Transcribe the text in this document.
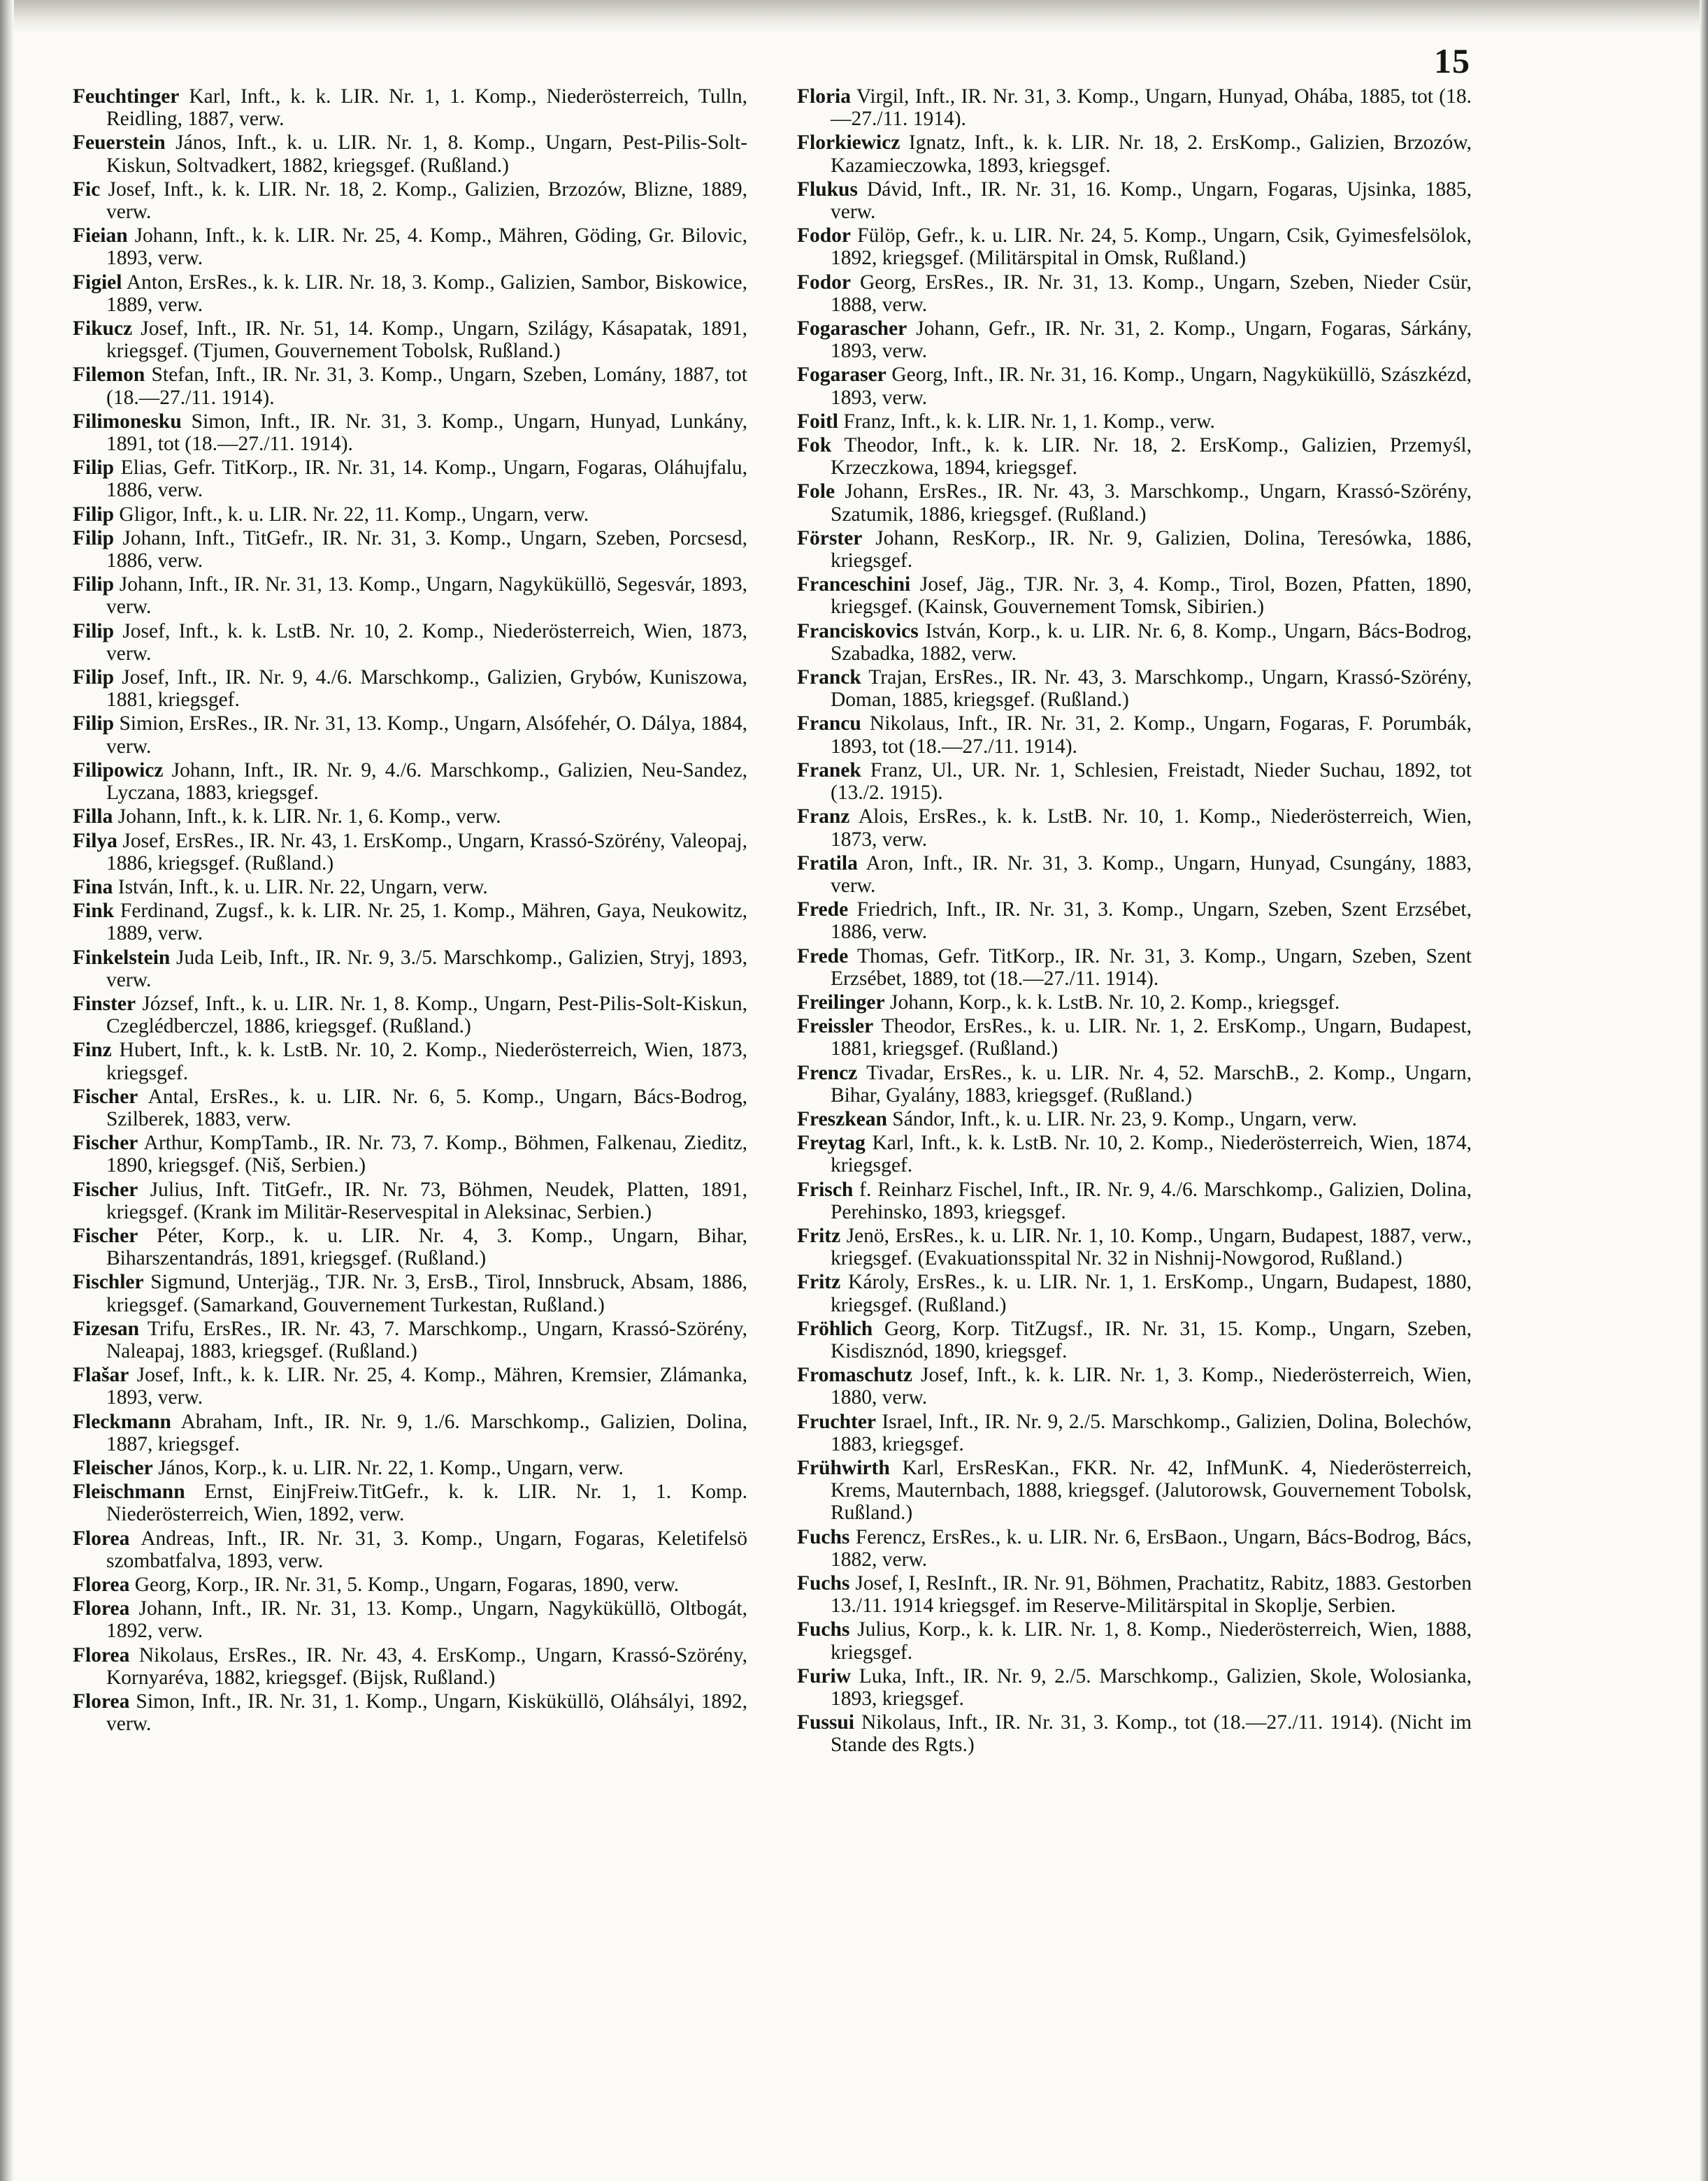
15

Feuchtinger Karl, Inft., k. k. LIR. Nr. 1, 1. Komp., Niederösterreich, Tulln, Reidling, 1887, verw.

Feuerstein János, Inft., k. u. LIR. Nr. 1, 8. Komp., Ungarn, Pest-Pilis-Solt-Kiskun, Soltvadkert, 1882, kriegsgef. (Rußland.)

Fic Josef, Inft., k. k. LIR. Nr. 18, 2. Komp., Galizien, Brzozów, Blizne, 1889, verw.

Fieian Johann, Inft., k. k. LIR. Nr. 25, 4. Komp., Mähren, Göding, Gr. Bilovic, 1893, verw.

Figiel Anton, ErsRes., k. k. LIR. Nr. 18, 3. Komp., Galizien, Sambor, Biskowice, 1889, verw.

Fikucz Josef, Inft., IR. Nr. 51, 14. Komp., Ungarn, Szilágy, Kásapatak, 1891, kriegsgef. (Tjumen, Gouvernement Tobolsk, Rußland.)

Filemon Stefan, Inft., IR. Nr. 31, 3. Komp., Ungarn, Szeben, Lomány, 1887, tot (18.—27./11. 1914).

Filimonesku Simon, Inft., IR. Nr. 31, 3. Komp., Ungarn, Hunyad, Lunkány, 1891, tot (18.—27./11. 1914).

Filip Elias, Gefr. TitKorp., IR. Nr. 31, 14. Komp., Ungarn, Fogaras, Oláhujfalu, 1886, verw.

Filip Gligor, Inft., k. u. LIR. Nr. 22, 11. Komp., Ungarn, verw.

Filip Johann, Inft., TitGefr., IR. Nr. 31, 3. Komp., Ungarn, Szeben, Porcsesd, 1886, verw.

Filip Johann, Inft., IR. Nr. 31, 13. Komp., Ungarn, Nagyküküllö, Segesvár, 1893, verw.

Filip Josef, Inft., k. k. LstB. Nr. 10, 2. Komp., Niederösterreich, Wien, 1873, verw.

Filip Josef, Inft., IR. Nr. 9, 4./6. Marschkomp., Galizien, Grybów, Kuniszowa, 1881, kriegsgef.

Filip Simion, ErsRes., IR. Nr. 31, 13. Komp., Ungarn, Alsófehér, O. Dálya, 1884, verw.

Filipowicz Johann, Inft., IR. Nr. 9, 4./6. Marschkomp., Galizien, Neu-Sandez, Lyczana, 1883, kriegsgef.

Filla Johann, Inft., k. k. LIR. Nr. 1, 6. Komp., verw.

Filya Josef, ErsRes., IR. Nr. 43, 1. ErsKomp., Ungarn, Krassó-Szörény, Valeopaj, 1886, kriegsgef. (Rußland.)

Fina István, Inft., k. u. LIR. Nr. 22, Ungarn, verw.

Fink Ferdinand, Zugsf., k. k. LIR. Nr. 25, 1. Komp., Mähren, Gaya, Neukowitz, 1889, verw.

Finkelstein Juda Leib, Inft., IR. Nr. 9, 3./5. Marschkomp., Galizien, Stryj, 1893, verw.

Finster József, Inft., k. u. LIR. Nr. 1, 8. Komp., Ungarn, Pest-Pilis-Solt-Kiskun, Czeglédberczel, 1886, kriegsgef. (Rußland.)

Finz Hubert, Inft., k. k. LstB. Nr. 10, 2. Komp., Niederösterreich, Wien, 1873, kriegsgef.

Fischer Antal, ErsRes., k. u. LIR. Nr. 6, 5. Komp., Ungarn, Bács-Bodrog, Szilberek, 1883, verw.

Fischer Arthur, KompTamb., IR. Nr. 73, 7. Komp., Böhmen, Falkenau, Zieditz, 1890, kriegsgef. (Niš, Serbien.)

Fischer Julius, Inft. TitGefr., IR. Nr. 73, Böhmen, Neudek, Platten, 1891, kriegsgef. (Krank im Militär-Reservespital in Aleksinac, Serbien.)

Fischer Péter, Korp., k. u. LIR. Nr. 4, 3. Komp., Ungarn, Bihar, Biharszentandrás, 1891, kriegsgef. (Rußland.)

Fischler Sigmund, Unterjäg., TJR. Nr. 3, ErsB., Tirol, Innsbruck, Absam, 1886, kriegsgef. (Samarkand, Gouvernement Turkestan, Rußland.)

Fizesan Trifu, ErsRes., IR. Nr. 43, 7. Marschkomp., Ungarn, Krassó-Szörény, Naleapaj, 1883, kriegsgef. (Rußland.)

Flašar Josef, Inft., k. k. LIR. Nr. 25, 4. Komp., Mähren, Kremsier, Zlámanka, 1893, verw.

Fleckmann Abraham, Inft., IR. Nr. 9, 1./6. Marschkomp., Galizien, Dolina, 1887, kriegsgef.

Fleischer János, Korp., k. u. LIR. Nr. 22, 1. Komp., Ungarn, verw.

Fleischmann Ernst, EinjFreiw.TitGefr., k. k. LIR. Nr. 1, 1. Komp. Niederösterreich, Wien, 1892, verw.

Florea Andreas, Inft., IR. Nr. 31, 3. Komp., Ungarn, Fogaras, Keletifelsö szombatfalva, 1893, verw.

Florea Georg, Korp., IR. Nr. 31, 5. Komp., Ungarn, Fogaras, 1890, verw.

Florea Johann, Inft., IR. Nr. 31, 13. Komp., Ungarn, Nagyküküllö, Oltbogát, 1892, verw.

Florea Nikolaus, ErsRes., IR. Nr. 43, 4. ErsKomp., Ungarn, Krassó-Szörény, Kornyaréva, 1882, kriegsgef. (Bijsk, Rußland.)

Florea Simon, Inft., IR. Nr. 31, 1. Komp., Ungarn, Kisküküllö, Oláhsályi, 1892, verw.

Floria Virgil, Inft., IR. Nr. 31, 3. Komp., Ungarn, Hunyad, Ohába, 1885, tot (18.—27./11. 1914).

Florkiewicz Ignatz, Inft., k. k. LIR. Nr. 18, 2. ErsKomp., Galizien, Brzozów, Kazamieczowka, 1893, kriegsgef.

Flukus Dávid, Inft., IR. Nr. 31, 16. Komp., Ungarn, Fogaras, Ujsinka, 1885, verw.

Fodor Fülöp, Gefr., k. u. LIR. Nr. 24, 5. Komp., Ungarn, Csik, Gyimesfelsölok, 1892, kriegsgef. (Militärspital in Omsk, Rußland.)

Fodor Georg, ErsRes., IR. Nr. 31, 13. Komp., Ungarn, Szeben, Nieder Csür, 1888, verw.

Fogarascher Johann, Gefr., IR. Nr. 31, 2. Komp., Ungarn, Fogaras, Sárkány, 1893, verw.

Fogaraser Georg, Inft., IR. Nr. 31, 16. Komp., Ungarn, Nagyküküllö, Szászkézd, 1893, verw.

Foitl Franz, Inft., k. k. LIR. Nr. 1, 1. Komp., verw.

Fok Theodor, Inft., k. k. LIR. Nr. 18, 2. ErsKomp., Galizien, Przemyśl, Krzeczkowa, 1894, kriegsgef.

Fole Johann, ErsRes., IR. Nr. 43, 3. Marschkomp., Ungarn, Krassó-Szörény, Szatumik, 1886, kriegsgef. (Rußland.)

Förster Johann, ResKorp., IR. Nr. 9, Galizien, Dolina, Teresówka, 1886, kriegsgef.

Franceschini Josef, Jäg., TJR. Nr. 3, 4. Komp., Tirol, Bozen, Pfatten, 1890, kriegsgef. (Kainsk, Gouvernement Tomsk, Sibirien.)

Franciskovics István, Korp., k. u. LIR. Nr. 6, 8. Komp., Ungarn, Bács-Bodrog, Szabadka, 1882, verw.

Franck Trajan, ErsRes., IR. Nr. 43, 3. Marschkomp., Ungarn, Krassó-Szörény, Doman, 1885, kriegsgef. (Rußland.)

Francu Nikolaus, Inft., IR. Nr. 31, 2. Komp., Ungarn, Fogaras, F. Porumbák, 1893, tot (18.—27./11. 1914).

Franek Franz, Ul., UR. Nr. 1, Schlesien, Freistadt, Nieder Suchau, 1892, tot (13./2. 1915).

Franz Alois, ErsRes., k. k. LstB. Nr. 10, 1. Komp., Niederösterreich, Wien, 1873, verw.

Fratila Aron, Inft., IR. Nr. 31, 3. Komp., Ungarn, Hunyad, Csungány, 1883, verw.

Frede Friedrich, Inft., IR. Nr. 31, 3. Komp., Ungarn, Szeben, Szent Erzsébet, 1886, verw.

Frede Thomas, Gefr. TitKorp., IR. Nr. 31, 3. Komp., Ungarn, Szeben, Szent Erzsébet, 1889, tot (18.—27./11. 1914).

Freilinger Johann, Korp., k. k. LstB. Nr. 10, 2. Komp., kriegsgef.

Freissler Theodor, ErsRes., k. u. LIR. Nr. 1, 2. ErsKomp., Ungarn, Budapest, 1881, kriegsgef. (Rußland.)

Frencz Tivadar, ErsRes., k. u. LIR. Nr. 4, 52. MarschB., 2. Komp., Ungarn, Bihar, Gyalány, 1883, kriegsgef. (Rußland.)

Freszkean Sándor, Inft., k. u. LIR. Nr. 23, 9. Komp., Ungarn, verw.

Freytag Karl, Inft., k. k. LstB. Nr. 10, 2. Komp., Niederösterreich, Wien, 1874, kriegsgef.

Frisch f. Reinharz Fischel, Inft., IR. Nr. 9, 4./6. Marschkomp., Galizien, Dolina, Perehinsko, 1893, kriegsgef.

Fritz Jenö, ErsRes., k. u. LIR. Nr. 1, 10. Komp., Ungarn, Budapest, 1887, verw., kriegsgef. (Evakuationsspital Nr. 32 in Nishnij-Nowgorod, Rußland.)

Fritz Károly, ErsRes., k. u. LIR. Nr. 1, 1. ErsKomp., Ungarn, Budapest, 1880, kriegsgef. (Rußland.)

Fröhlich Georg, Korp. TitZugsf., IR. Nr. 31, 15. Komp., Ungarn, Szeben, Kisdisznód, 1890, kriegsgef.

Fromaschutz Josef, Inft., k. k. LIR. Nr. 1, 3. Komp., Niederösterreich, Wien, 1880, verw.

Fruchter Israel, Inft., IR. Nr. 9, 2./5. Marschkomp., Galizien, Dolina, Bolechów, 1883, kriegsgef.

Frühwirth Karl, ErsResKan., FKR. Nr. 42, InfMunK. 4, Niederösterreich, Krems, Mauternbach, 1888, kriegsgef. (Jalutorowsk, Gouvernement Tobolsk, Rußland.)

Fuchs Ferencz, ErsRes., k. u. LIR. Nr. 6, ErsBaon., Ungarn, Bács-Bodrog, Bács, 1882, verw.

Fuchs Josef, I, ResInft., IR. Nr. 91, Böhmen, Prachatitz, Rabitz, 1883. Gestorben 13./11. 1914 kriegsgef. im Reserve-Militärspital in Skoplje, Serbien.

Fuchs Julius, Korp., k. k. LIR. Nr. 1, 8. Komp., Niederösterreich, Wien, 1888, kriegsgef.

Furiw Luka, Inft., IR. Nr. 9, 2./5. Marschkomp., Galizien, Skole, Wolosianka, 1893, kriegsgef.

Fussui Nikolaus, Inft., IR. Nr. 31, 3. Komp., tot (18.—27./11. 1914). (Nicht im Stande des Rgts.)
